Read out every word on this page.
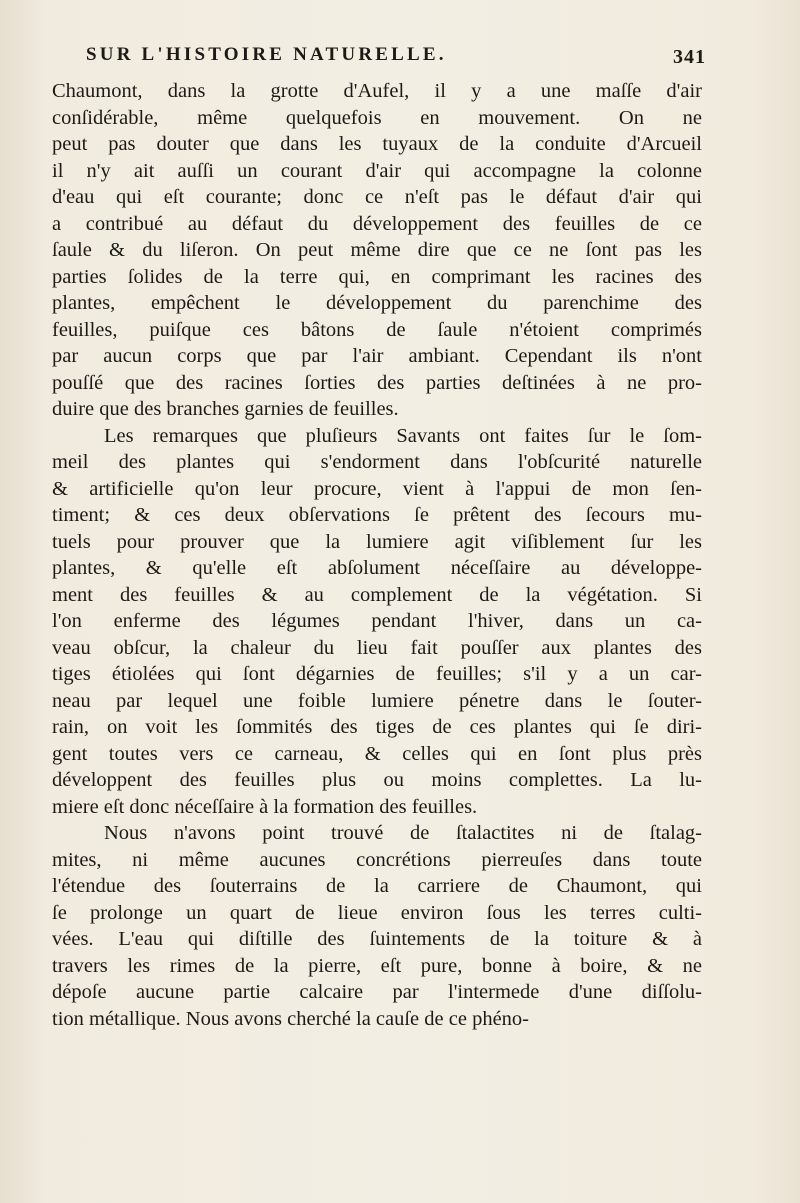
SUR L'HISTOIRE NATURELLE.	341
Chaumont, dans la grotte d'Aufel, il y a une maſſe d'air
conſidérable, même quelquefois en mouvement. On ne
peut pas douter que dans les tuyaux de la conduite d'Arcueil
il n'y ait auſſi un courant d'air qui accompagne la colonne
d'eau qui eſt courante; donc ce n'eſt pas le défaut d'air qui
a contribué au défaut du développement des feuilles de ce
ſaule & du liſeron. On peut même dire que ce ne ſont pas les
parties ſolides de la terre qui, en comprimant les racines des
plantes, empêchent le développement du parenchime des
feuilles, puiſque ces bâtons de ſaule n'étoient comprimés
par aucun corps que par l'air ambiant. Cependant ils n'ont
pouſſé que des racines ſorties des parties deſtinées à ne pro-
duire que des branches garnies de feuilles.
Les remarques que pluſieurs Savants ont faites ſur le ſom-
meil des plantes qui s'endorment dans l'obſcurité naturelle
& artificielle qu'on leur procure, vient à l'appui de mon ſen-
timent; & ces deux obſervations ſe prêtent des ſecours mu-
tuels pour prouver que la lumiere agit viſiblement ſur les
plantes, & qu'elle eſt abſolument néceſſaire au développe-
ment des feuilles & au complement de la végétation. Si
l'on enferme des légumes pendant l'hiver, dans un ca-
veau obſcur, la chaleur du lieu fait pouſſer aux plantes des
tiges étiolées qui ſont dégarnies de feuilles; s'il y a un car-
neau par lequel une foible lumiere pénetre dans le ſouter-
rain, on voit les ſommités des tiges de ces plantes qui ſe diri-
gent toutes vers ce carneau, & celles qui en ſont plus près
développent des feuilles plus ou moins complettes. La lu-
miere eſt donc néceſſaire à la formation des feuilles.
Nous n'avons point trouvé de ſtalactites ni de ſtalag-
mites, ni même aucunes concrétions pierreuſes dans toute
l'étendue des ſouterrains de la carriere de Chaumont, qui
ſe prolonge un quart de lieue environ ſous les terres culti-
vées. L'eau qui diſtille des ſuintements de la toiture & à
travers les rimes de la pierre, eſt pure, bonne à boire, & ne
dépoſe aucune partie calcaire par l'intermede d'une diſſolu-
tion métallique. Nous avons cherché la cauſe de ce phéno-
